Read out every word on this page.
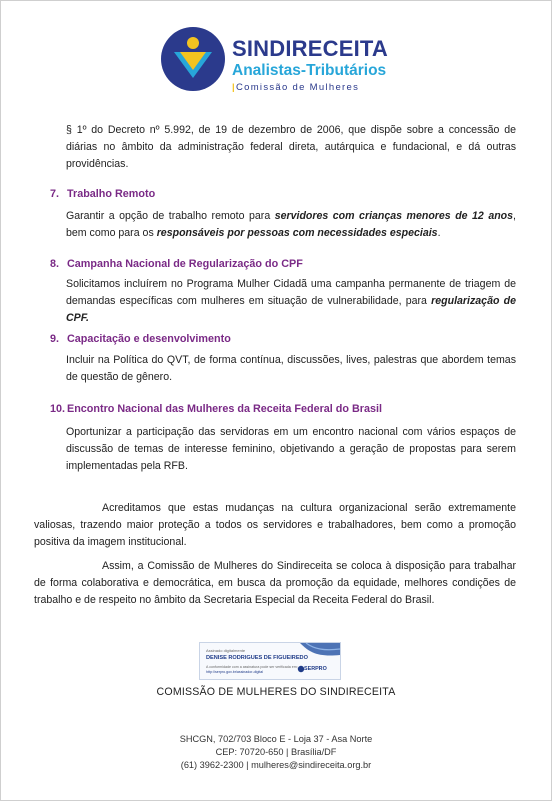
SINDIRECEITA
Analistas-Tributários
|Comissão de Mulheres
§ 1º do Decreto nº 5.992, de 19 de dezembro de 2006, que dispõe sobre a concessão de diárias no âmbito da administração federal direta, autárquica e fundacional, e dá outras providências.
7. Trabalho Remoto
Garantir a opção de trabalho remoto para servidores com crianças menores de 12 anos, bem como para os responsáveis por pessoas com necessidades especiais.
8. Campanha Nacional de Regularização do CPF
Solicitamos incluírem no Programa Mulher Cidadã uma campanha permanente de triagem de demandas específicas com mulheres em situação de vulnerabilidade, para regularização de CPF.
9. Capacitação e desenvolvimento
Incluir na Política do QVT, de forma contínua, discussões, lives, palestras que abordem temas de questão de gênero.
10. Encontro Nacional das Mulheres da Receita Federal do Brasil
Oportunizar a participação das servidoras em um encontro nacional com vários espaços de discussão de temas de interesse feminino, objetivando a geração de propostas para serem implementadas pela RFB.
Acreditamos que estas mudanças na cultura organizacional serão extremamente valiosas, trazendo maior proteção a todos os servidores e trabalhadores, bem como a promoção positiva da imagem institucional.
Assim, a Comissão de Mulheres do Sindireceita se coloca à disposição para trabalhar de forma colaborativa e democrática, em busca da promoção da equidade, melhores condições de trabalho e de respeito no âmbito da Secretaria Especial da Receita Federal do Brasil.
Assinado digitalmente
DENISE RODRIGUES DE FIGUEIREDO
A conformidade com a assinatura pode ser verificada em:
http://serpro.gov.br/assinador-digital	SERPRO
COMISSÃO DE MULHERES DO SINDIRECEITA
SHCGN, 702/703 Bloco E - Loja 37 - Asa Norte
CEP: 70720-650 | Brasília/DF
(61) 3962-2300 | mulheres@sindireceita.org.br
